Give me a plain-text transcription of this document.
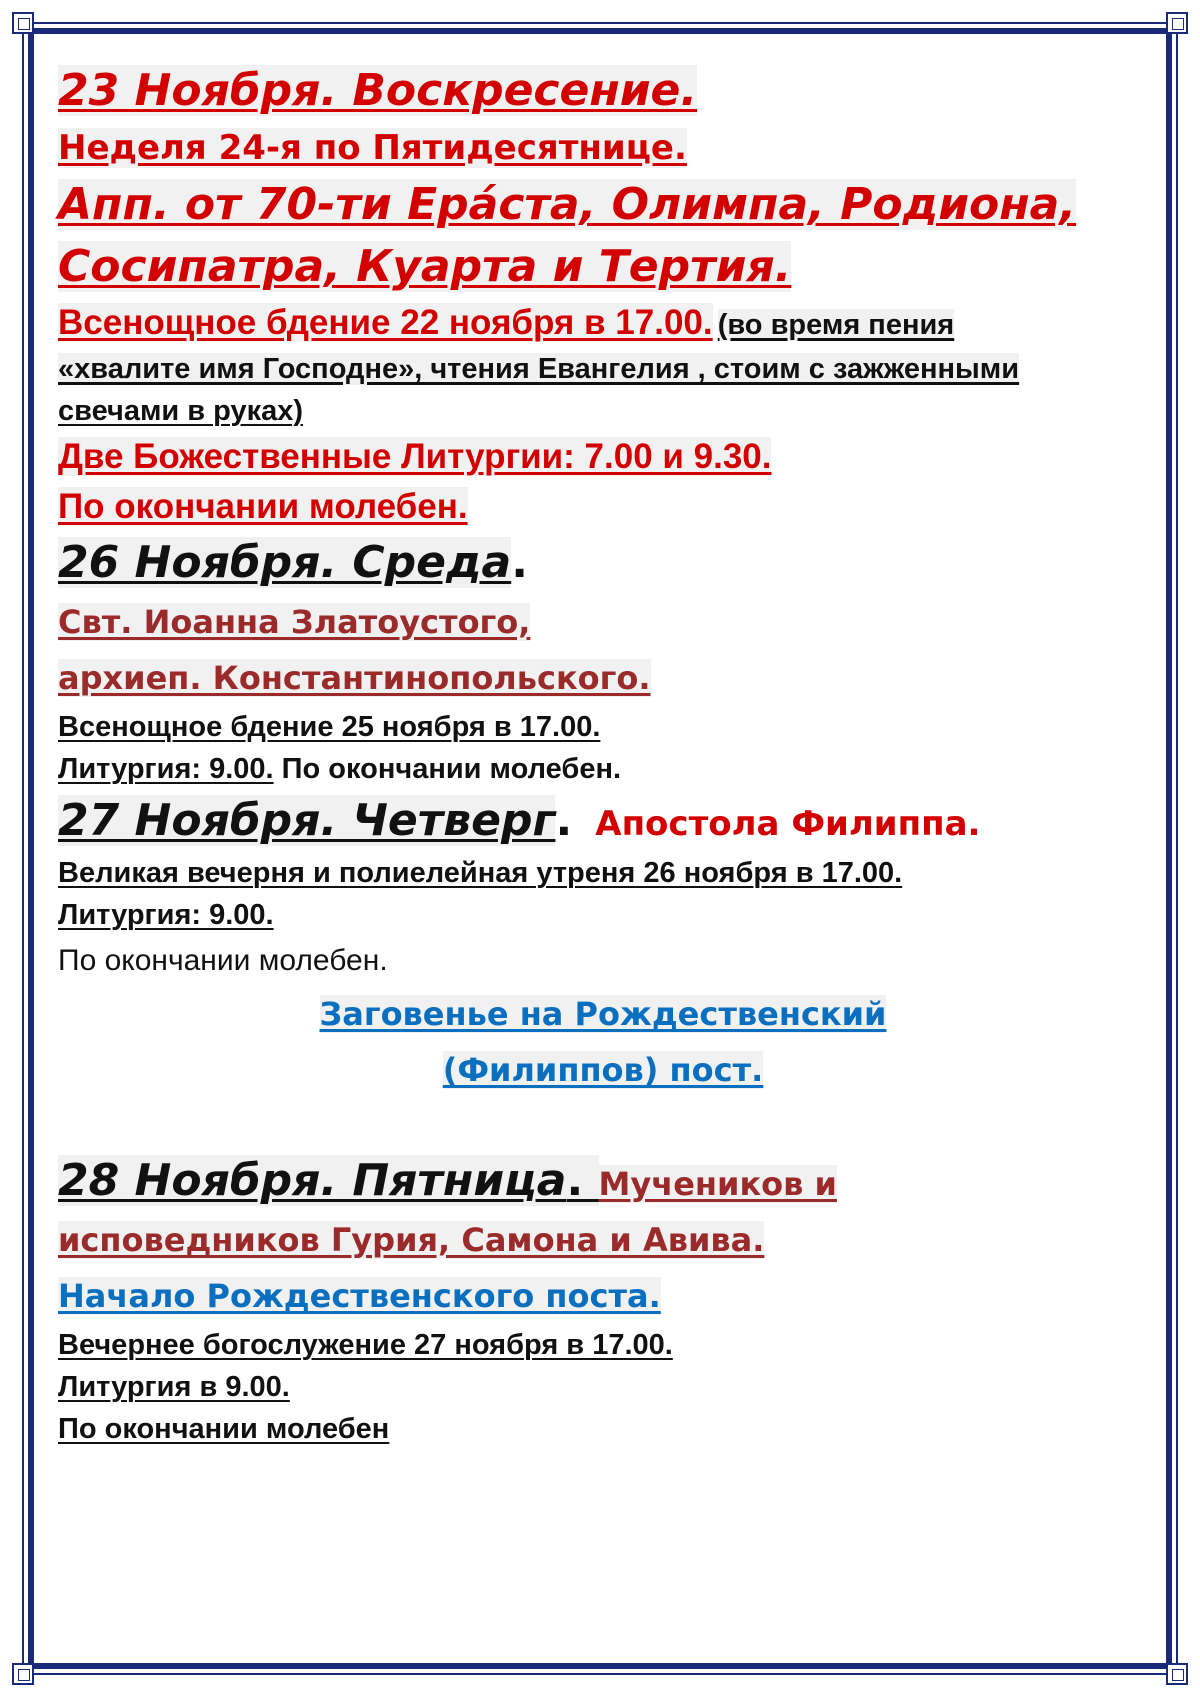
23 Ноября. Воскресение.
Неделя 24-я по Пятидесятнице.
Апп. от 70-ти Ера́ста, Олимпа, Родиона,
Сосипатра, Куарта и Тертия.
Всенощное бдение 22 ноября в 17.00. (во время пения
«хвалите имя Господне», чтения Евангелия , стоим с зажженными
свечами в руках)
Две Божественные Литургии: 7.00 и 9.30.
По окончании молебен.
26 Ноября. Среда.
Свт. Иоанна Златоустого,
архиеп. Константинопольского.
Всенощное бдение 25 ноября в 17.00.
Литургия: 9.00. По окончании молебен.
27 Ноября. Четверг. Апостола Филиппа.
Великая вечерня и полиелейная утреня 26 ноября в 17.00.
Литургия: 9.00.
По окончании молебен.
Заговенье на Рождественский
(Филиппов) пост.
28 Ноября. Пятница. Мучеников и
исповедников Гурия, Самона и Авива.
Начало Рождественского поста.
Вечернее богослужение 27 ноября в 17.00.
Литургия в 9.00.
По окончании молебен
